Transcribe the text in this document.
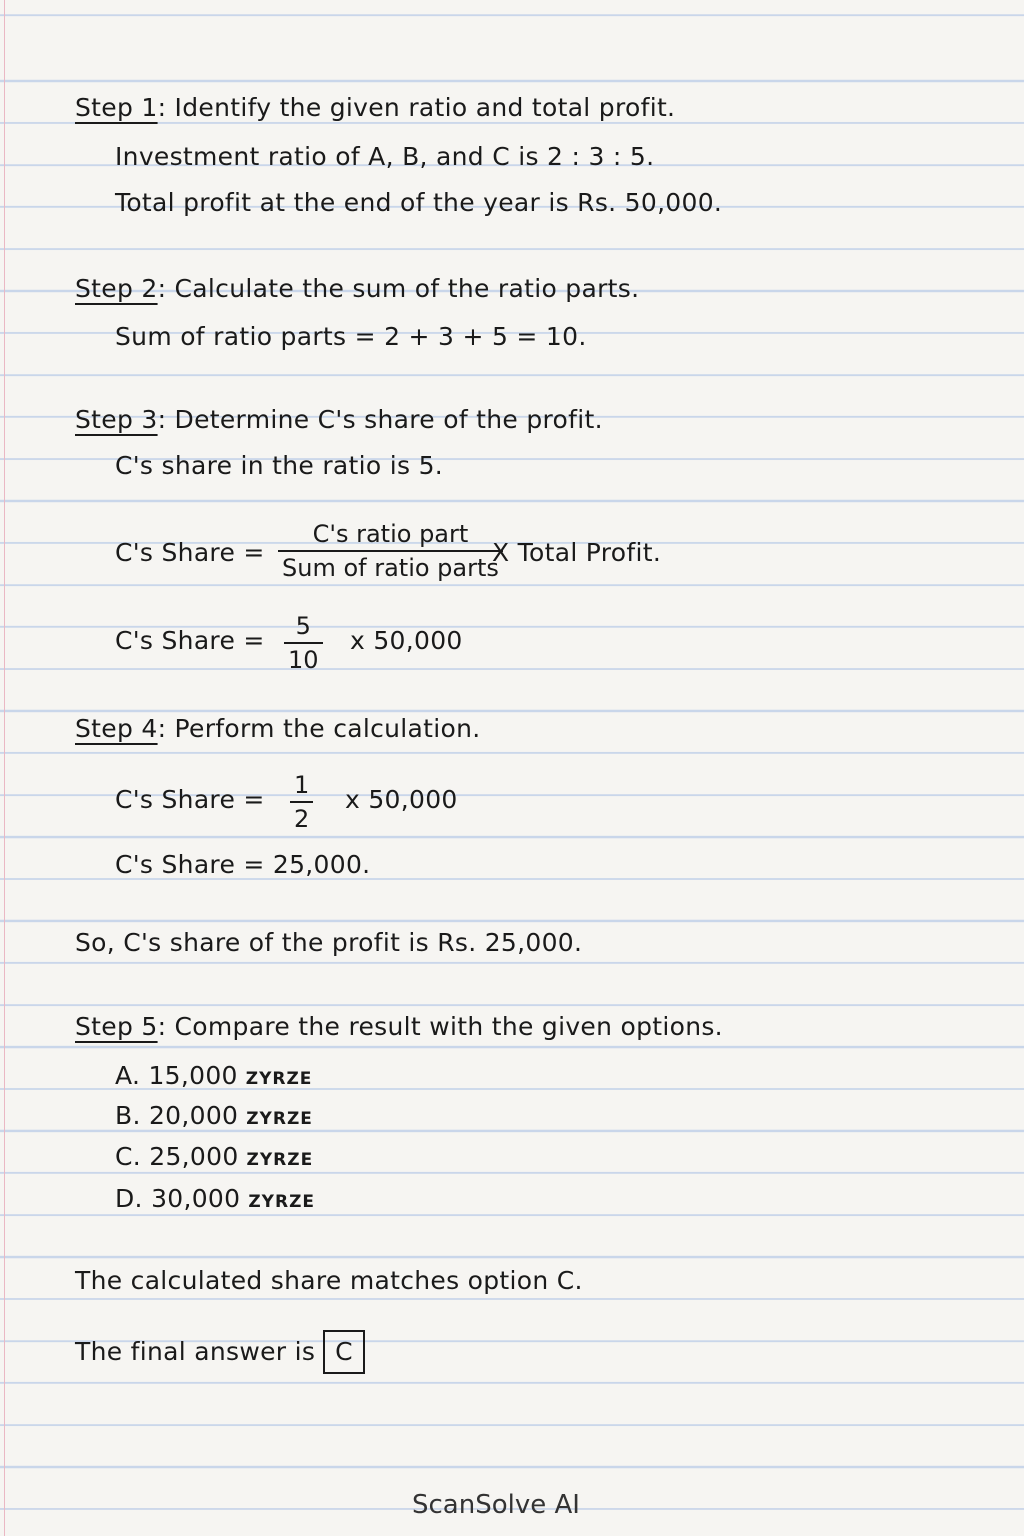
Step 1: Identify the given ratio and total profit.
Investment ratio of A, B, and C is 2 : 3 : 5.
Total profit at the end of the year is Rs. 50,000.
Step 2: Calculate the sum of the ratio parts.
Sum of ratio parts = 2 + 3 + 5 = 10.
Step 3: Determine C's share of the profit.
C's share in the ratio is 5.
C's Share =
C's ratio part
Sum of ratio parts
X Total Profit.
C's Share = 5
10
x 50,000
Step 4: Perform the calculation.
C's Share = 1
2
x 50,000
C's Share = 25,000.
So, C's share of the profit is Rs. 25,000.
Step 5: Compare the result with the given options.
A. 15,000 ZYRZE
B. 20,000 ZYRZE
C. 25,000 ZYRZE
D. 30,000 ZYRZE
The calculated share matches option C.
The final answer is C
ScanSolve AI
